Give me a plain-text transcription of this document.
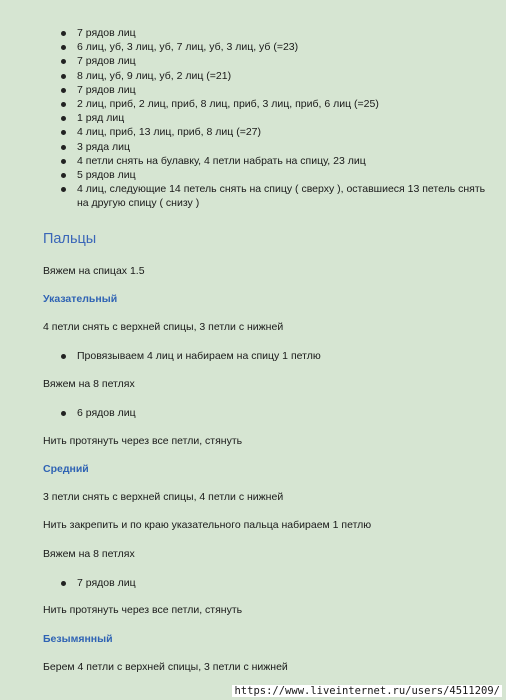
7 рядов лиц
6 лиц, уб, 3 лиц, уб, 7 лиц, уб, 3 лиц, уб (=23)
7 рядов лиц
8 лиц, уб, 9 лиц, уб, 2 лиц (=21)
7 рядов лиц
2 лиц, приб, 2 лиц, приб, 8 лиц, приб, 3 лиц, приб, 6 лиц (=25)
1 ряд лиц
4 лиц, приб, 13 лиц, приб, 8 лиц (=27)
3 ряда лиц
4 петли снять на булавку, 4 петли набрать на спицу, 23 лиц
5 рядов лиц
4 лиц, следующие 14 петель снять на спицу ( сверху ), оставшиеся 13 петель снять на другую спицу ( снизу )
Пальцы
Вяжем на спицах 1.5
Указательный
4 петли снять с верхней спицы, 3 петли с нижней
Провязываем 4 лиц и набираем на спицу 1 петлю
Вяжем на 8 петлях
6 рядов лиц
Нить протянуть через все петли, стянуть
Средний
3 петли снять с верхней спицы, 4 петли с нижней
Нить закрепить и по краю указательного пальца набираем 1 петлю
Вяжем на 8 петлях
7 рядов лиц
Нить протянуть через все петли, стянуть
Безымянный
Берем 4 петли с верхней спицы, 3 петли с нижней
https://www.liveinternet.ru/users/4511209/
